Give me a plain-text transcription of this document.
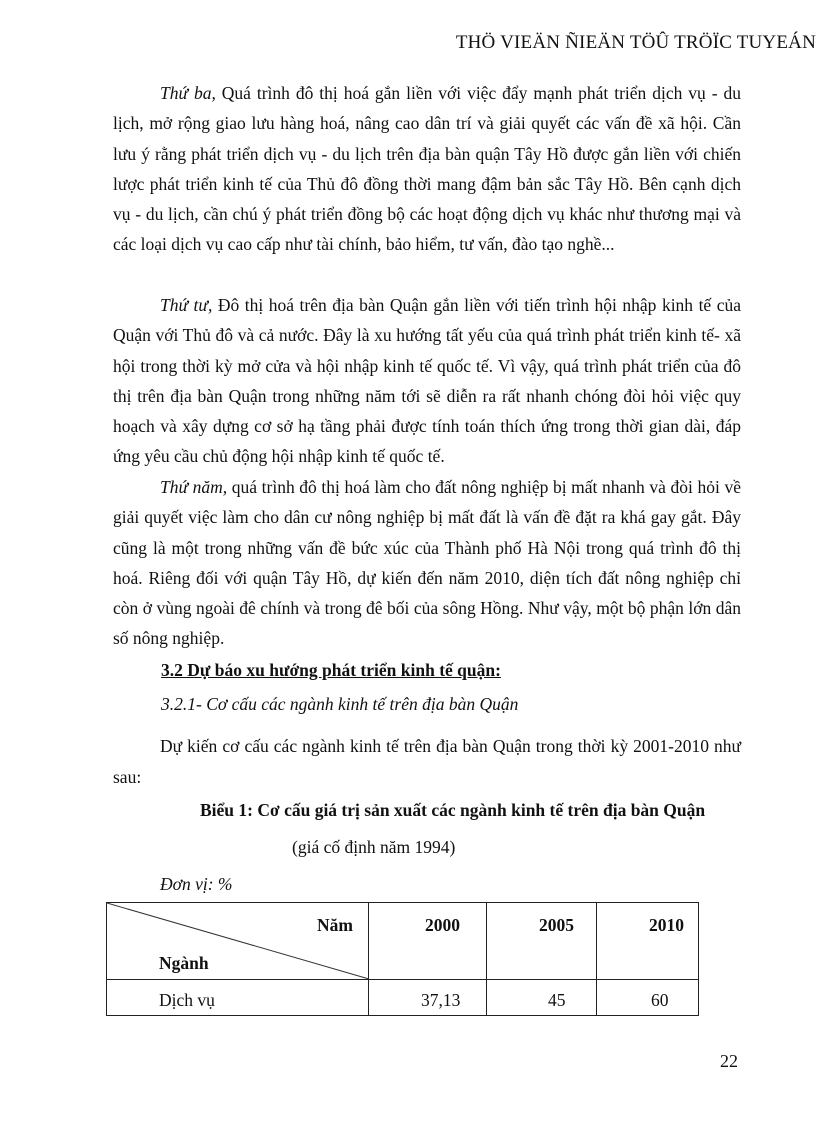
THÖ VIEÄN ÑIEÄN TÖÛ TRÖÏC TUYEÁN
Thứ ba, Quá trình đô thị hoá gắn liền với việc đẩy mạnh phát triển dịch vụ - du lịch, mở rộng giao lưu hàng hoá, nâng cao dân trí và giải quyết các vấn đề xã hội. Cần lưu ý rằng phát triển dịch vụ - du lịch trên địa bàn quận Tây Hồ được gắn liền với chiến lược phát triển kinh tế của Thủ đô đồng thời mang đậm bản sắc Tây Hồ. Bên cạnh dịch vụ - du lịch, cần chú ý phát triển đồng bộ các hoạt động dịch vụ khác như thương mại và các loại dịch vụ cao cấp như tài chính, bảo hiểm, tư vấn, đào tạo nghề...
Thứ tư, Đô thị hoá trên địa bàn Quận gắn liền với tiến trình hội nhập kinh tế của Quận với Thủ đô và cả nước. Đây là xu hướng tất yếu của quá trình phát triển kinh tế- xã hội trong thời kỳ mở cửa và hội nhập kinh tế quốc tế. Vì vậy, quá trình phát triển của đô thị trên địa bàn Quận trong những năm tới sẽ diễn ra rất nhanh chóng đòi hỏi việc quy hoạch và xây dựng cơ sở hạ tầng phải được tính toán thích ứng trong thời gian dài, đáp ứng yêu cầu chủ động hội nhập kinh tế quốc tế.
Thứ năm, quá trình đô thị hoá làm cho đất nông nghiệp bị mất nhanh và đòi hỏi về giải quyết việc làm cho dân cư nông nghiệp bị mất đất là vấn đề đặt ra khá gay gắt. Đây cũng là một trong những vấn đề bức xúc của Thành phố Hà Nội trong quá trình đô thị hoá. Riêng đối với quận Tây Hồ, dự kiến đến năm 2010, diện tích đất nông nghiệp chỉ còn ở vùng ngoài đê chính và trong đê bối của sông Hồng. Như vậy, một bộ phận lớn dân số nông nghiệp.
3.2 Dự báo xu hướng phát triển kinh tế quận:
3.2.1- Cơ cấu các ngành kinh tế trên địa bàn Quận
Dự kiến cơ cấu các ngành kinh tế trên địa bàn Quận trong thời kỳ 2001-2010 như sau:
Biểu 1: Cơ cấu giá trị sản xuất các ngành kinh tế trên địa bàn Quận
(giá cố định năm 1994)
Đơn vị: %
Năm
Ngành
2000	2005	2010
Dịch vụ	37,13	45	60
22
